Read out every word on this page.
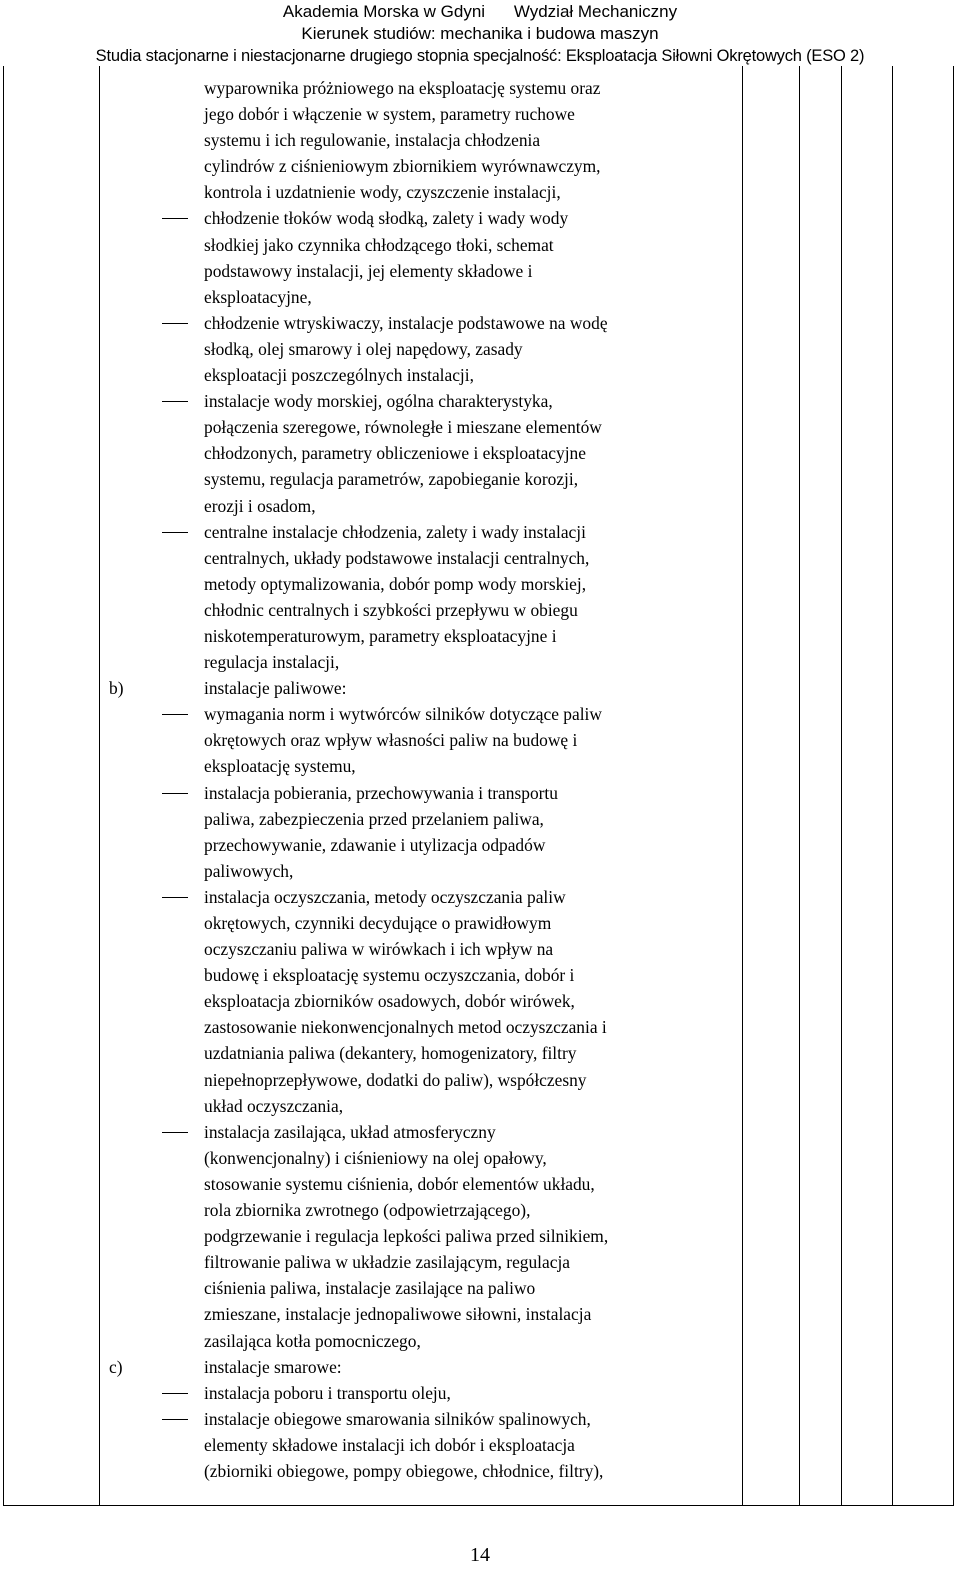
Akademia Morska w Gdyni Wydział Mechaniczny
Kierunek studiów: mechanika i budowa maszyn
Studia stacjonarne i niestacjonarne drugiego stopnia specjalność: Eksploatacja Siłowni Okrętowych (ESO 2)
wyparownika próżniowego na eksploatację systemu oraz
jego dobór i włączenie w system, parametry ruchowe
systemu i ich regulowanie, instalacja chłodzenia
cylindrów z ciśnieniowym zbiornikiem wyrównawczym,
kontrola i uzdatnienie wody, czyszczenie instalacji,
chłodzenie tłoków wodą słodką, zalety i wady wody
słodkiej jako czynnika chłodzącego tłoki, schemat
podstawowy instalacji, jej elementy składowe i
eksploatacyjne,
chłodzenie wtryskiwaczy, instalacje podstawowe na wodę
słodką, olej smarowy i olej napędowy, zasady
eksploatacji poszczególnych instalacji,
instalacje wody morskiej, ogólna charakterystyka,
połączenia szeregowe, równoległe i mieszane elementów
chłodzonych, parametry obliczeniowe i eksploatacyjne
systemu, regulacja parametrów, zapobieganie korozji,
erozji i osadom,
centralne instalacje chłodzenia, zalety i wady instalacji
centralnych, układy podstawowe instalacji centralnych,
metody optymalizowania, dobór pomp wody morskiej,
chłodnic centralnych i szybkości przepływu w obiegu
niskotemperaturowym, parametry eksploatacyjne i
regulacja instalacji,
b)	instalacje paliwowe:
wymagania norm i wytwórców silników dotyczące paliw
okrętowych oraz wpływ własności paliw na budowę i
eksploatację systemu,
instalacja pobierania, przechowywania i transportu
paliwa, zabezpieczenia przed przelaniem paliwa,
przechowywanie, zdawanie i utylizacja odpadów
paliwowych,
instalacja oczyszczania, metody oczyszczania paliw
okrętowych, czynniki decydujące o prawidłowym
oczyszczaniu paliwa w wirówkach i ich wpływ na
budowę i eksploatację systemu oczyszczania, dobór i
eksploatacja zbiorników osadowych, dobór wirówek,
zastosowanie niekonwencjonalnych metod oczyszczania i
uzdatniania paliwa (dekantery, homogenizatory, filtry
niepełnoprzepływowe, dodatki do paliw), współczesny
układ oczyszczania,
instalacja zasilająca, układ atmosferyczny
(konwencjonalny) i ciśnieniowy na olej opałowy,
stosowanie systemu ciśnienia, dobór elementów układu,
rola zbiornika zwrotnego (odpowietrzającego),
podgrzewanie i regulacja lepkości paliwa przed silnikiem,
filtrowanie paliwa w układzie zasilającym, regulacja
ciśnienia paliwa, instalacje zasilające na paliwo
zmieszane, instalacje jednopaliwowe siłowni, instalacja
zasilająca kotła pomocniczego,
c)	instalacje smarowe:
instalacja poboru i transportu oleju,
instalacje obiegowe smarowania silników spalinowych,
elementy składowe instalacji ich dobór i eksploatacja
(zbiorniki obiegowe, pompy obiegowe, chłodnice, filtry),
14
